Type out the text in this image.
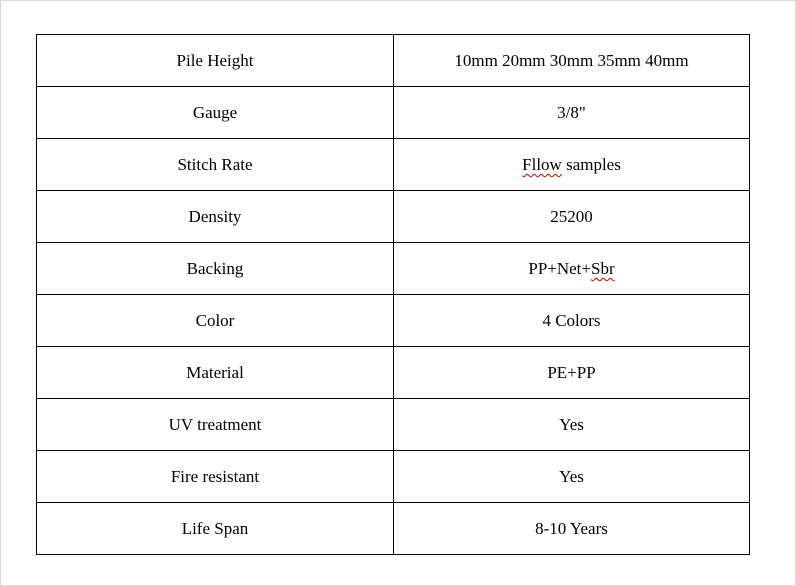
Pile Height	10mm 20mm 30mm 35mm 40mm
Gauge	3/8"
Stitch Rate	Fllow samples
Density	25200
Backing	PP+Net+Sbr
Color	4 Colors
Material	PE+PP
UV treatment	Yes
Fire resistant	Yes
Life Span	8-10 Years
